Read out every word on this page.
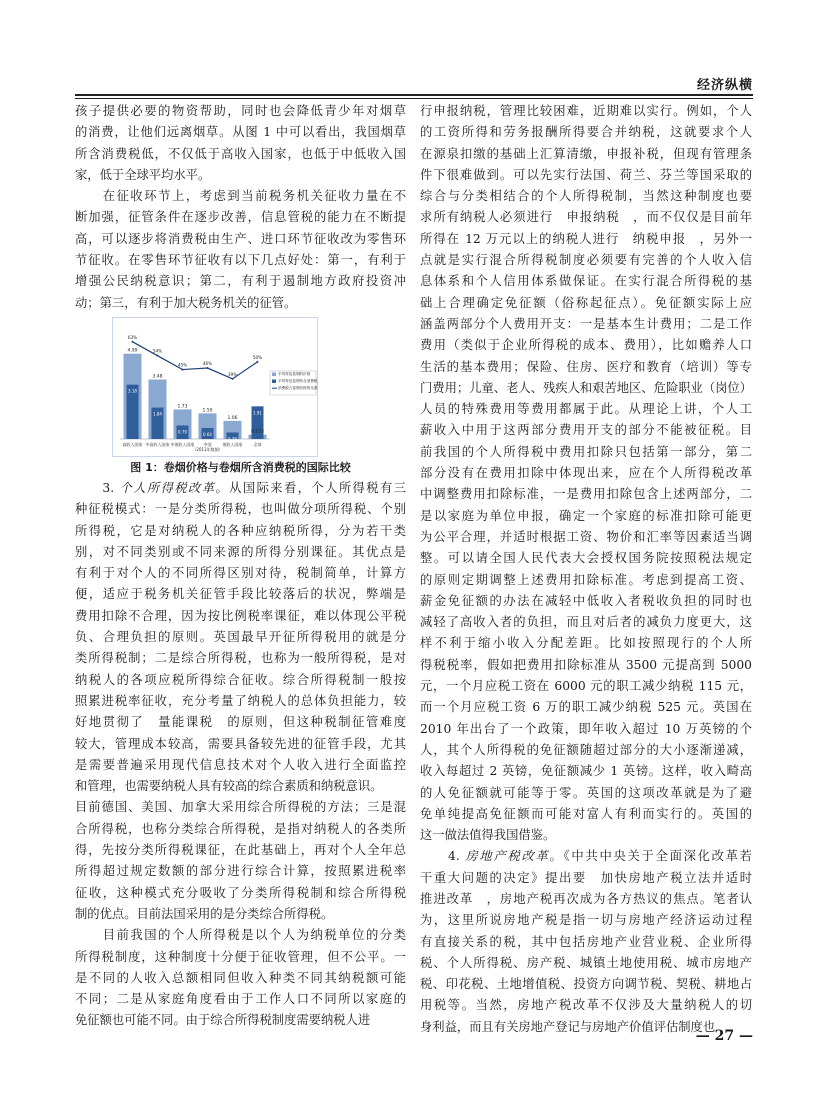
经济纵横
孩子提供必要的物资帮助，同时也会降低青少年对烟草
的消费，让他们远离烟草。从图 1 中可以看出，我国烟草
所含消费税低，不仅低于高收入国家，也低于中低收入国
家，低于全球平均水平。
　　在征收环节上，考虑到当前税务机关征收力量在不
断加强，征管条件在逐步改善，信息管税的能力在不断提
高，可以逐步将消费税由生产、进口环节征收改为零售环
节征收。在零售环节征收有以下几点好处：第一，有利于
增强公民纳税意识；第二，有利于遏制地方政府投资冲
动；第三，有利于加大税务机关的征管。
4.99
3.18
63%
高收入国家
3.48
1.84
54%
中高收入国家
1.73
0.79
45%
中低收入国家
1.50
0.64
46%
中国
（2011年数据）
1.06
0.38
39%
低收入国家
0.253
1.91
50%
全球
平均每包卷烟的价格
平均每包卷烟所含消费税
消费税占卷烟价格的比重
图 1：卷烟价格与卷烟所含消费税的国际比较
　　3. 个人所得税改革。从国际来看，个人所得税有三
种征税模式：一是分类所得税，也叫做分项所得税、个别
所得税，它是对纳税人的各种应纳税所得，分为若干类
别，对不同类别或不同来源的所得分别课征。其优点是
有利于对个人的不同所得区别对待，税制简单，计算方
便，适应于税务机关征管手段比较落后的状况，弊端是
费用扣除不合理，因为按比例税率课征，难以体现公平税
负、合理负担的原则。英国最早开征所得税用的就是分
类所得税制；二是综合所得税，也称为一般所得税，是对
纳税人的各项应税所得综合征收。综合所得税制一般按
照累进税率征收，充分考量了纳税人的总体负担能力，较
好地贯彻了　量能课税　的原则，但这种税制征管难度
较大，管理成本较高，需要具备较先进的征管手段，尤其
是需要普遍采用现代信息技术对个人收入进行全面监控
和管理，也需要纳税人具有较高的综合素质和纳税意识。
目前德国、美国、加拿大采用综合所得税的方法；三是混
合所得税，也称分类综合所得税，是指对纳税人的各类所
得，先按分类所得税课征，在此基础上，再对个人全年总
所得超过规定数额的部分进行综合计算，按照累进税率
征收，这种模式充分吸收了分类所得税制和综合所得税
制的优点。目前法国采用的是分类综合所得税。
　　目前我国的个人所得税是以个人为纳税单位的分类
所得税制度，这种制度十分便于征收管理，但不公平。一
是不同的人收入总额相同但收入种类不同其纳税额可能
不同；二是从家庭角度看由于工作人口不同所以家庭的
免征额也可能不同。由于综合所得税制度需要纳税人进
行申报纳税，管理比较困难，近期难以实行。例如，个人
的工资所得和劳务报酬所得要合并纳税，这就要求个人
在源泉扣缴的基础上汇算清缴，申报补税，但现有管理条
件下很难做到。可以先实行法国、荷兰、芬兰等国采取的
综合与分类相结合的个人所得税制，当然这种制度也要
求所有纳税人必须进行　申报纳税　，而不仅仅是目前年
所得在 12 万元以上的纳税人进行　纳税申报　，另外一
点就是实行混合所得税制度必须要有完善的个人收入信
息体系和个人信用体系做保证。在实行混合所得税的基
础上合理确定免征额（俗称起征点）。免征额实际上应
涵盖两部分个人费用开支：一是基本生计费用；二是工作
费用（类似于企业所得税的成本、费用），比如赡养人口
生活的基本费用；保险、住房、医疗和教育（培训）等专
门费用；儿童、老人、残疾人和艰苦地区、危险职业（岗位）
人员的特殊费用等费用都属于此。从理论上讲，个人工
薪收入中用于这两部分费用开支的部分不能被征税。目
前我国的个人所得税中费用扣除只包括第一部分，第二
部分没有在费用扣除中体现出来，应在个人所得税改革
中调整费用扣除标准，一是费用扣除包含上述两部分，二
是以家庭为单位申报，确定一个家庭的标准扣除可能更
为公平合理，并适时根据工资、物价和汇率等因素适当调
整。可以请全国人民代表大会授权国务院按照税法规定
的原则定期调整上述费用扣除标准。考虑到提高工资、
薪金免征额的办法在减轻中低收入者税收负担的同时也
减轻了高收入者的负担，而且对后者的减负力度更大，这
样不利于缩小收入分配差距。比如按照现行的个人所
得税税率，假如把费用扣除标准从 3500 元提高到 5000
元，一个月应税工资在 6000 元的职工减少纳税 115 元，
而一个月应税工资 6 万的职工减少纳税 525 元。英国在
2010 年出台了一个政策，即年收入超过 10 万英镑的个
人，其个人所得税的免征额随超过部分的大小逐渐递减，
收入每超过 2 英镑，免征额减少 1 英镑。这样，收入畸高
的人免征额就可能等于零。英国的这项改革就是为了避
免单纯提高免征额而可能对富人有利而实行的。英国的
这一做法值得我国借鉴。
　　4. 房地产税改革。《中共中央关于全面深化改革若
干重大问题的决定》提出要　加快房地产税立法并适时
推进改革　，房地产税再次成为各方热议的焦点。笔者认
为，这里所说房地产税是指一切与房地产经济运动过程
有直接关系的税，其中包括房地产业营业税、企业所得
税、个人所得税、房产税、城镇土地使用税、城市房地产
税、印花税、土地增值税、投资方向调节税、契税、耕地占
用税等。当然，房地产税改革不仅涉及大量纳税人的切
身利益，而且有关房地产登记与房地产价值评估制度也
— 27 —
